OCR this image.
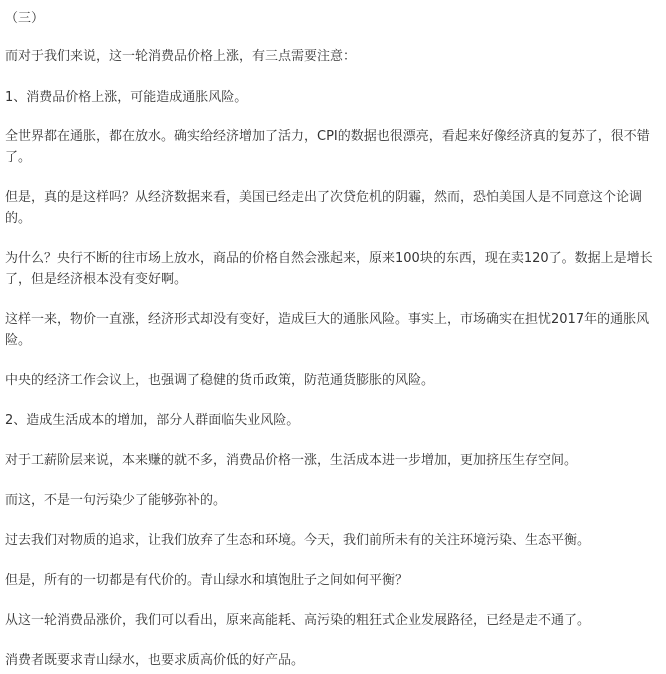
（三）

而对于我们来说，这一轮消费品价格上涨，有三点需要注意：

1、消费品价格上涨，可能造成通胀风险。

全世界都在通胀，都在放水。确实给经济增加了活力，CPI的数据也很漂亮，看起来好像经济真的复苏了，很不错了。

但是，真的是这样吗？从经济数据来看，美国已经走出了次贷危机的阴霾，然而，恐怕美国人是不同意这个论调的。

为什么？央行不断的往市场上放水，商品的价格自然会涨起来，原来100块的东西，现在卖120了。数据上是增长了，但是经济根本没有变好啊。

这样一来，物价一直涨，经济形式却没有变好，造成巨大的通胀风险。事实上，市场确实在担忧2017年的通胀风险。

中央的经济工作会议上，也强调了稳健的货币政策，防范通货膨胀的风险。

2、造成生活成本的增加，部分人群面临失业风险。

对于工薪阶层来说，本来赚的就不多，消费品价格一涨，生活成本进一步增加，更加挤压生存空间。

而这，不是一句污染少了能够弥补的。

过去我们对物质的追求，让我们放弃了生态和环境。今天，我们前所未有的关注环境污染、生态平衡。

但是，所有的一切都是有代价的。青山绿水和填饱肚子之间如何平衡？

从这一轮消费品涨价，我们可以看出，原来高能耗、高污染的粗狂式企业发展路径，已经是走不通了。

消费者既要求青山绿水，也要求质高价低的好产品。
